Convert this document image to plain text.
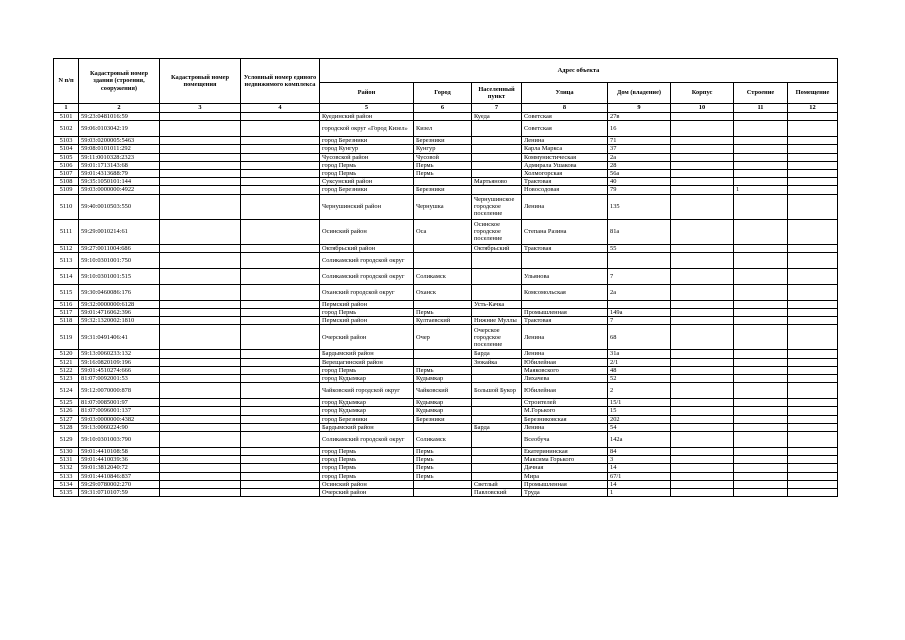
N п/п	Кадастровый номер здания (строения, сооружения)	Кадастровый номер помещения	Условный номер единого недвижимого комплекса	Адрес объекта							
				Район	Город	Населенный пункт	Улица	Дом (владение)	Корпус	Строение	Помещение
1	2	3	4	5	6	7	8	9	10	11	12
5101	59:23:0481016:59			Куединский район		Куеда	Советская	27в			
5102	59:06:0103042:19			городской округ «Город Кизел»	Кизел		Советская	16			
5103	59:03:0200005:5463			город Березники	Березники		Ленина	71			
5104	59:08:0101011:292			город Кунгур	Кунгур		Карла Маркса	37			
5105	59:11:0010328:2323			Чусовской район	Чусовой		Коммунистическая	2а			
5106	59:01:1713143:68			город Пермь	Пермь		Адмирала Ушакова	28			
5107	59:01:4313688:79			город Пермь	Пермь		Холмогорская	56а			
5108	59:35:1050101:144			Суксунский район		Мартьяново	Трактовая	40			
5109	59:03:0000000:4922			город Березники	Березники		Новосодовая	79		1	
5110	59:40:0010503:550			Чернушинский район	Чернушка	Чернушинское городское поселение	Ленина	135			
5111	59:29:0010214:61			Осинский район	Оса	Осинское городское поселение	Степана Разина	81а			
5112	59:27:0011004:686			Октябрьский район		Октябрьский	Трактовая	55			
5113	59:10:0301001:750			Соликамский городской округ							
5114	59:10:0301001:515			Соликамский городской округ	Соликамск		Ульянова	7			
5115	59:30:0460086:176			Оханский городской округ	Оханск		Комсомольская	2а			
5116	59:32:0000000:6128			Пермский район		Усть-Качка					
5117	59:01:4716062:396			город Пермь	Пермь		Промышленная	149а			
5118	59:32:1320002:1810			Пермский район	Култаевский	Нижние Муллы	Трактовая	7			
5119	59:31:0491406:41			Очерский район	Очер	Очерское городское поселение	Ленина	68			
5120	59:13:0060233:132			Бардымский район		Барда	Ленина	31а			
5121	59:16:0820109:196			Верещагинский район		Зюкайка	Юбилейная	2/1			
5122	59:01:4510274:666			город Пермь	Пермь		Маяковского	48			
5123	81:07:0092001:53			город Кудымкар	Кудымкар		Лихачева	52			
5124	59:12:0070000:878			Чайковский городской округ	Чайковский	Большой Букор	Юбилейная	2			
5125	81:07:0085001:97			город Кудымкар	Кудымкар		Строителей	15/1			
5126	81:07:0096001:137			город Кудымкар	Кудымкар		М.Горького	15			
5127	59:03:0000000:4382			город Березники	Березники		Березниковская	202			
5128	59:13:0060224:90			Бардымский район		Барда	Ленина	54			
5129	59:10:0301003:790			Соликамский городской округ	Соликамск		Всеобуча	142а			
5130	59:01:4410108:58			город Пермь	Пермь		Екатерининская	84			
5131	59:01:4410039:36			город Пермь	Пермь		Максима Горького	3			
5132	59:01:3812040:72			город Пермь	Пермь		Дачная	14			
5133	59:01:4410846:837			город Пермь	Пермь		Мира	67/1			
5134	59:29:0780002:270			Осинский район		Светлый	Промышленная	14			
5135	59:31:0710107:59			Очерский район		Павловский	Труда	1			
